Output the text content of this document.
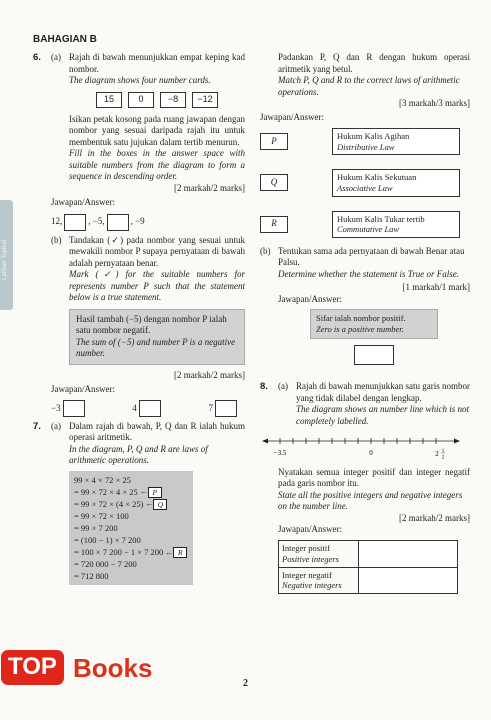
Latihan Topikal
BAHAGIAN B
6. (a) Rajah di bawah menunjukkan empat keping kad nombor.

The diagram shows four number cards.

15	0	−8	−12

Isikan petak kosong pada ruang jawapan dengan nombor yang sesuai daripada rajah itu untuk membentuk satu jujukan dalam tertib menurun.

Fill in the boxes in the answer space with suitable numbers from the diagram to form a sequence in descending order.

[2 markah/2 marks]

Jawapan/Answer:

12,	, −5,	, −9
(b) Tandakan (✓) pada nombor yang sesuai untuk mewakili nombor P supaya pernyataan di bawah adalah pernyataan benar.

Mark (✓) for the suitable numbers for represents number P such that the statement below is a true statement.

Hasil tambah (−5) dengan nombor P ialah satu nombor negatif.

The sum of (−5) and number P is a negative number.

[2 markah/2 marks]

Jawapan/Answer:

−3	4	7
7. (a) Dalam rajah di bawah, P, Q dan R ialah hukum operasi aritmetik.

In the diagram, P, Q and R are laws of arithmetic operations.

99 × 4 × 72 × 25
= 99 × 72 × 4 × 25 ← P
= 99 × 72 × (4 × 25) ← Q
= 99 × 72 × 100
= 99 × 7 200
= (100 − 1) × 7 200
= 100 × 7 200 − 1 × 7 200 ← R
= 720 000 − 7 200
= 712 800

Padankan P, Q dan R dengan hukum operasi aritmetik yang betul.

Match P, Q and R to the correct laws of arithmetic operations.

[3 markah/3 marks]

Jawapan/Answer:

P	Hukum Kalis Agihan

Distributive Law

Q	Hukum Kalis Sekutuan

Associative Law

R	Hukum Kalis Tukar tertib

Commutative Law

(b) Tentukan sama ada pernyataan di bawah Benar atau Palsu.

Determine whether the statement is True or False.

[1 markah/1 mark]

Jawapan/Answer:

Sifar ialah nombor positif.

Zero is a positive number.

8. (a) Rajah di bawah menunjukkan satu garis nombor yang tidak dilabel dengan lengkap.

The diagram shows an number line which is not completely labelled.

−3.5	0	2 1
2

Nyatakan semua integer positif dan integer negatif pada garis nombor itu.

State all the positive integers and negative integers on the number line.

[2 markah/2 marks]

Jawapan/Answer:

Integer positif

Positive integers	

Integer negatif

Negative integers	

TOP Books
2
